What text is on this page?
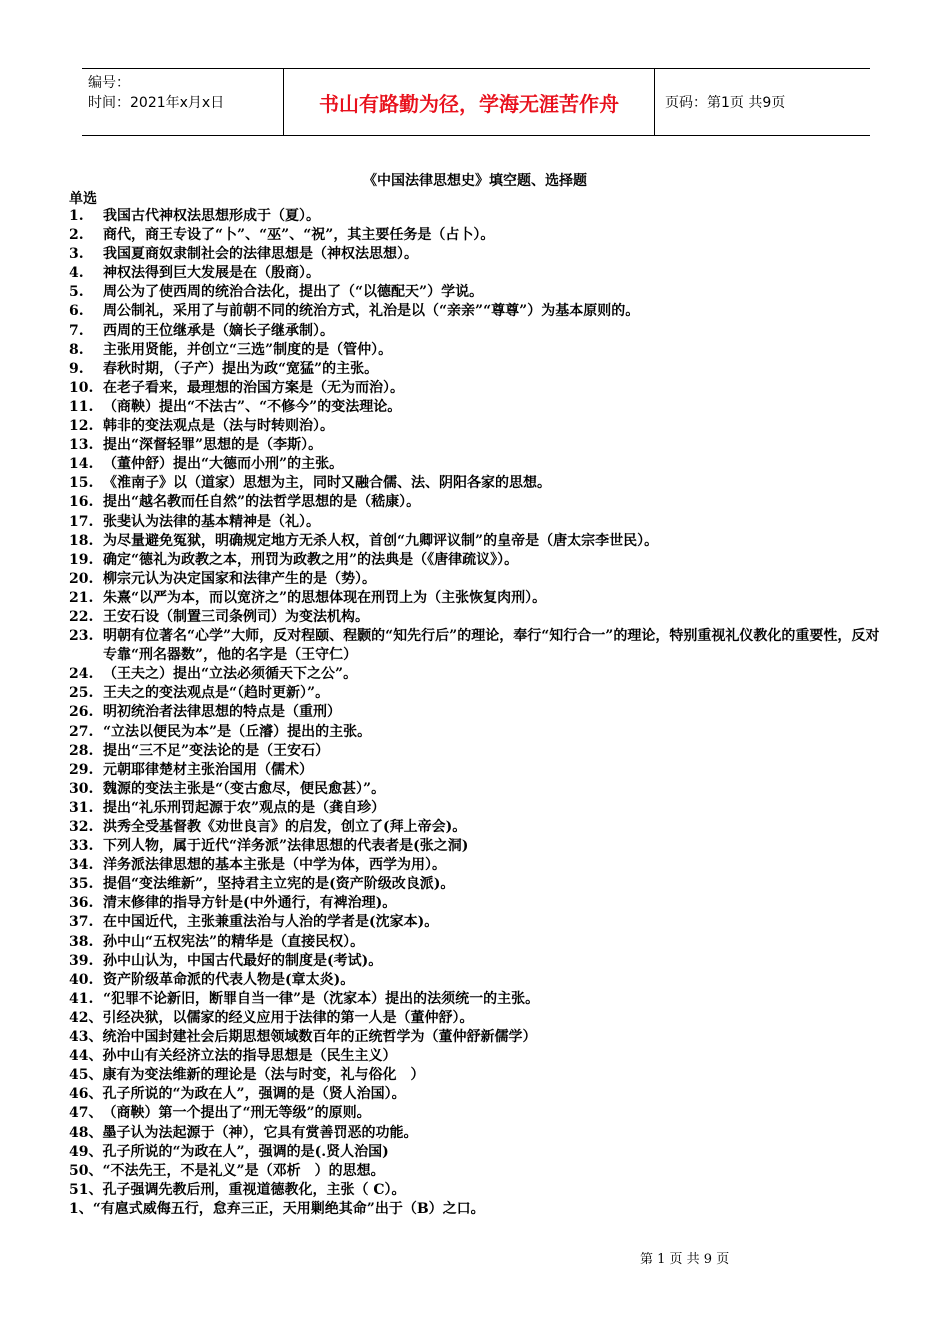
编号：
时间：2021年x月x日	书山有路勤为径，学海无涯苦作舟	页码：第1页 共9页
《中国法律思想史》填空题、选择题
单选
1.	我国古代神权法思想形成于（夏）。
2.	商代，商王专设了“卜”、“巫”、“祝”，其主要任务是（占卜）。
3.	我国夏商奴隶制社会的法律思想是（神权法思想）。
4.	神权法得到巨大发展是在（殷商）。
5.	周公为了使西周的统治合法化，提出了（“以德配天”）学说。
6.	周公制礼，采用了与前朝不同的统治方式，礼治是以（“亲亲”“尊尊”）为基本原则的。
7.	西周的王位继承是（嫡长子继承制）。
8.	主张用贤能，并创立“三选”制度的是（管仲）。
9.	春秋时期，（子产）提出为政“宽猛”的主张。
10. 在老子看来，最理想的治国方案是（无为而治）。
11. （商鞅）提出“不法古”、“不修今”的变法理论。
12. 韩非的变法观点是（法与时转则治）。
13. 提出“深督轻罪”思想的是（李斯）。
14. （董仲舒）提出“大德而小刑”的主张。
15. 《淮南子》以（道家）思想为主，同时又融合儒、法、阴阳各家的思想。
16. 提出“越名教而任自然”的法哲学思想的是（嵇康）。
17. 张斐认为法律的基本精神是（礼）。
18. 为尽量避免冤狱，明确规定地方无杀人权，首创“九卿评议制”的皇帝是（唐太宗李世民）。
19. 确定“德礼为政教之本，刑罚为政教之用”的法典是（《唐律疏议》）。
20. 柳宗元认为决定国家和法律产生的是（势）。
21. 朱熹“以严为本，而以宽济之”的思想体现在刑罚上为（主张恢复肉刑）。
22. 王安石设（制置三司条例司）为变法机构。
23. 明朝有位著名“心学”大师，反对程颐、程颢的“知先行后”的理论，奉行“知行合一”的理论，特别重视礼仪教化的重要性，反对专靠“刑名器数”，他的名字是（王守仁）
24. （王夫之）提出“立法必须循天下之公”。
25. 王夫之的变法观点是“（趋时更新）”。
26. 明初统治者法律思想的特点是（重刑）
27. “立法以便民为本”是（丘濬）提出的主张。
28. 提出“三不足”变法论的是（王安石）
29. 元朝耶律楚材主张治国用（儒术）
30. 魏源的变法主张是“（变古愈尽，便民愈甚）”。
31. 提出“礼乐刑罚起源于农”观点的是（龚自珍）
32. 洪秀全受基督教《劝世良言》的启发，创立了(拜上帝会)。
33. 下列人物，属于近代“洋务派”法律思想的代表者是(张之洞)
34. 洋务派法律思想的基本主张是（中学为体，西学为用）。
35. 提倡“变法维新”，坚持君主立宪的是(资产阶级改良派)。
36. 清末修律的指导方针是(中外通行，有裨治理)。
37. 在中国近代，主张兼重法治与人治的学者是(沈家本)。
38. 孙中山“五权宪法”的精华是（直接民权）。
39. 孙中山认为，中国古代最好的制度是(考试)。
40. 资产阶级革命派的代表人物是(章太炎)。
41. “犯罪不论新旧，断罪自当一律”是（沈家本）提出的法须统一的主张。
42、 引经决狱，以儒家的经义应用于法律的第一人是（董仲舒）。
43、 统治中国封建社会后期思想领域数百年的正统哲学为（董仲舒新儒学）
44、 孙中山有关经济立法的指导思想是（民生主义）
45、 康有为变法维新的理论是（法与时变，礼与俗化　）
46、 孔子所说的“为政在人”，强调的是（贤人治国）。
47、 （商鞅）第一个提出了“刑无等级”的原则。
48、 墨子认为法起源于（神），它具有赏善罚恶的功能。
49、 孔子所说的“为政在人”，强调的是(.贤人治国)
50、 “不法先王，不是礼义”是（邓析　）的思想。
51、 孔子强调先教后刑，重视道德教化，主张（ C）。
1、 “有扈式威侮五行，怠弃三正，天用剿绝其命”出于（B）之口。
第 1 页 共 9 页
